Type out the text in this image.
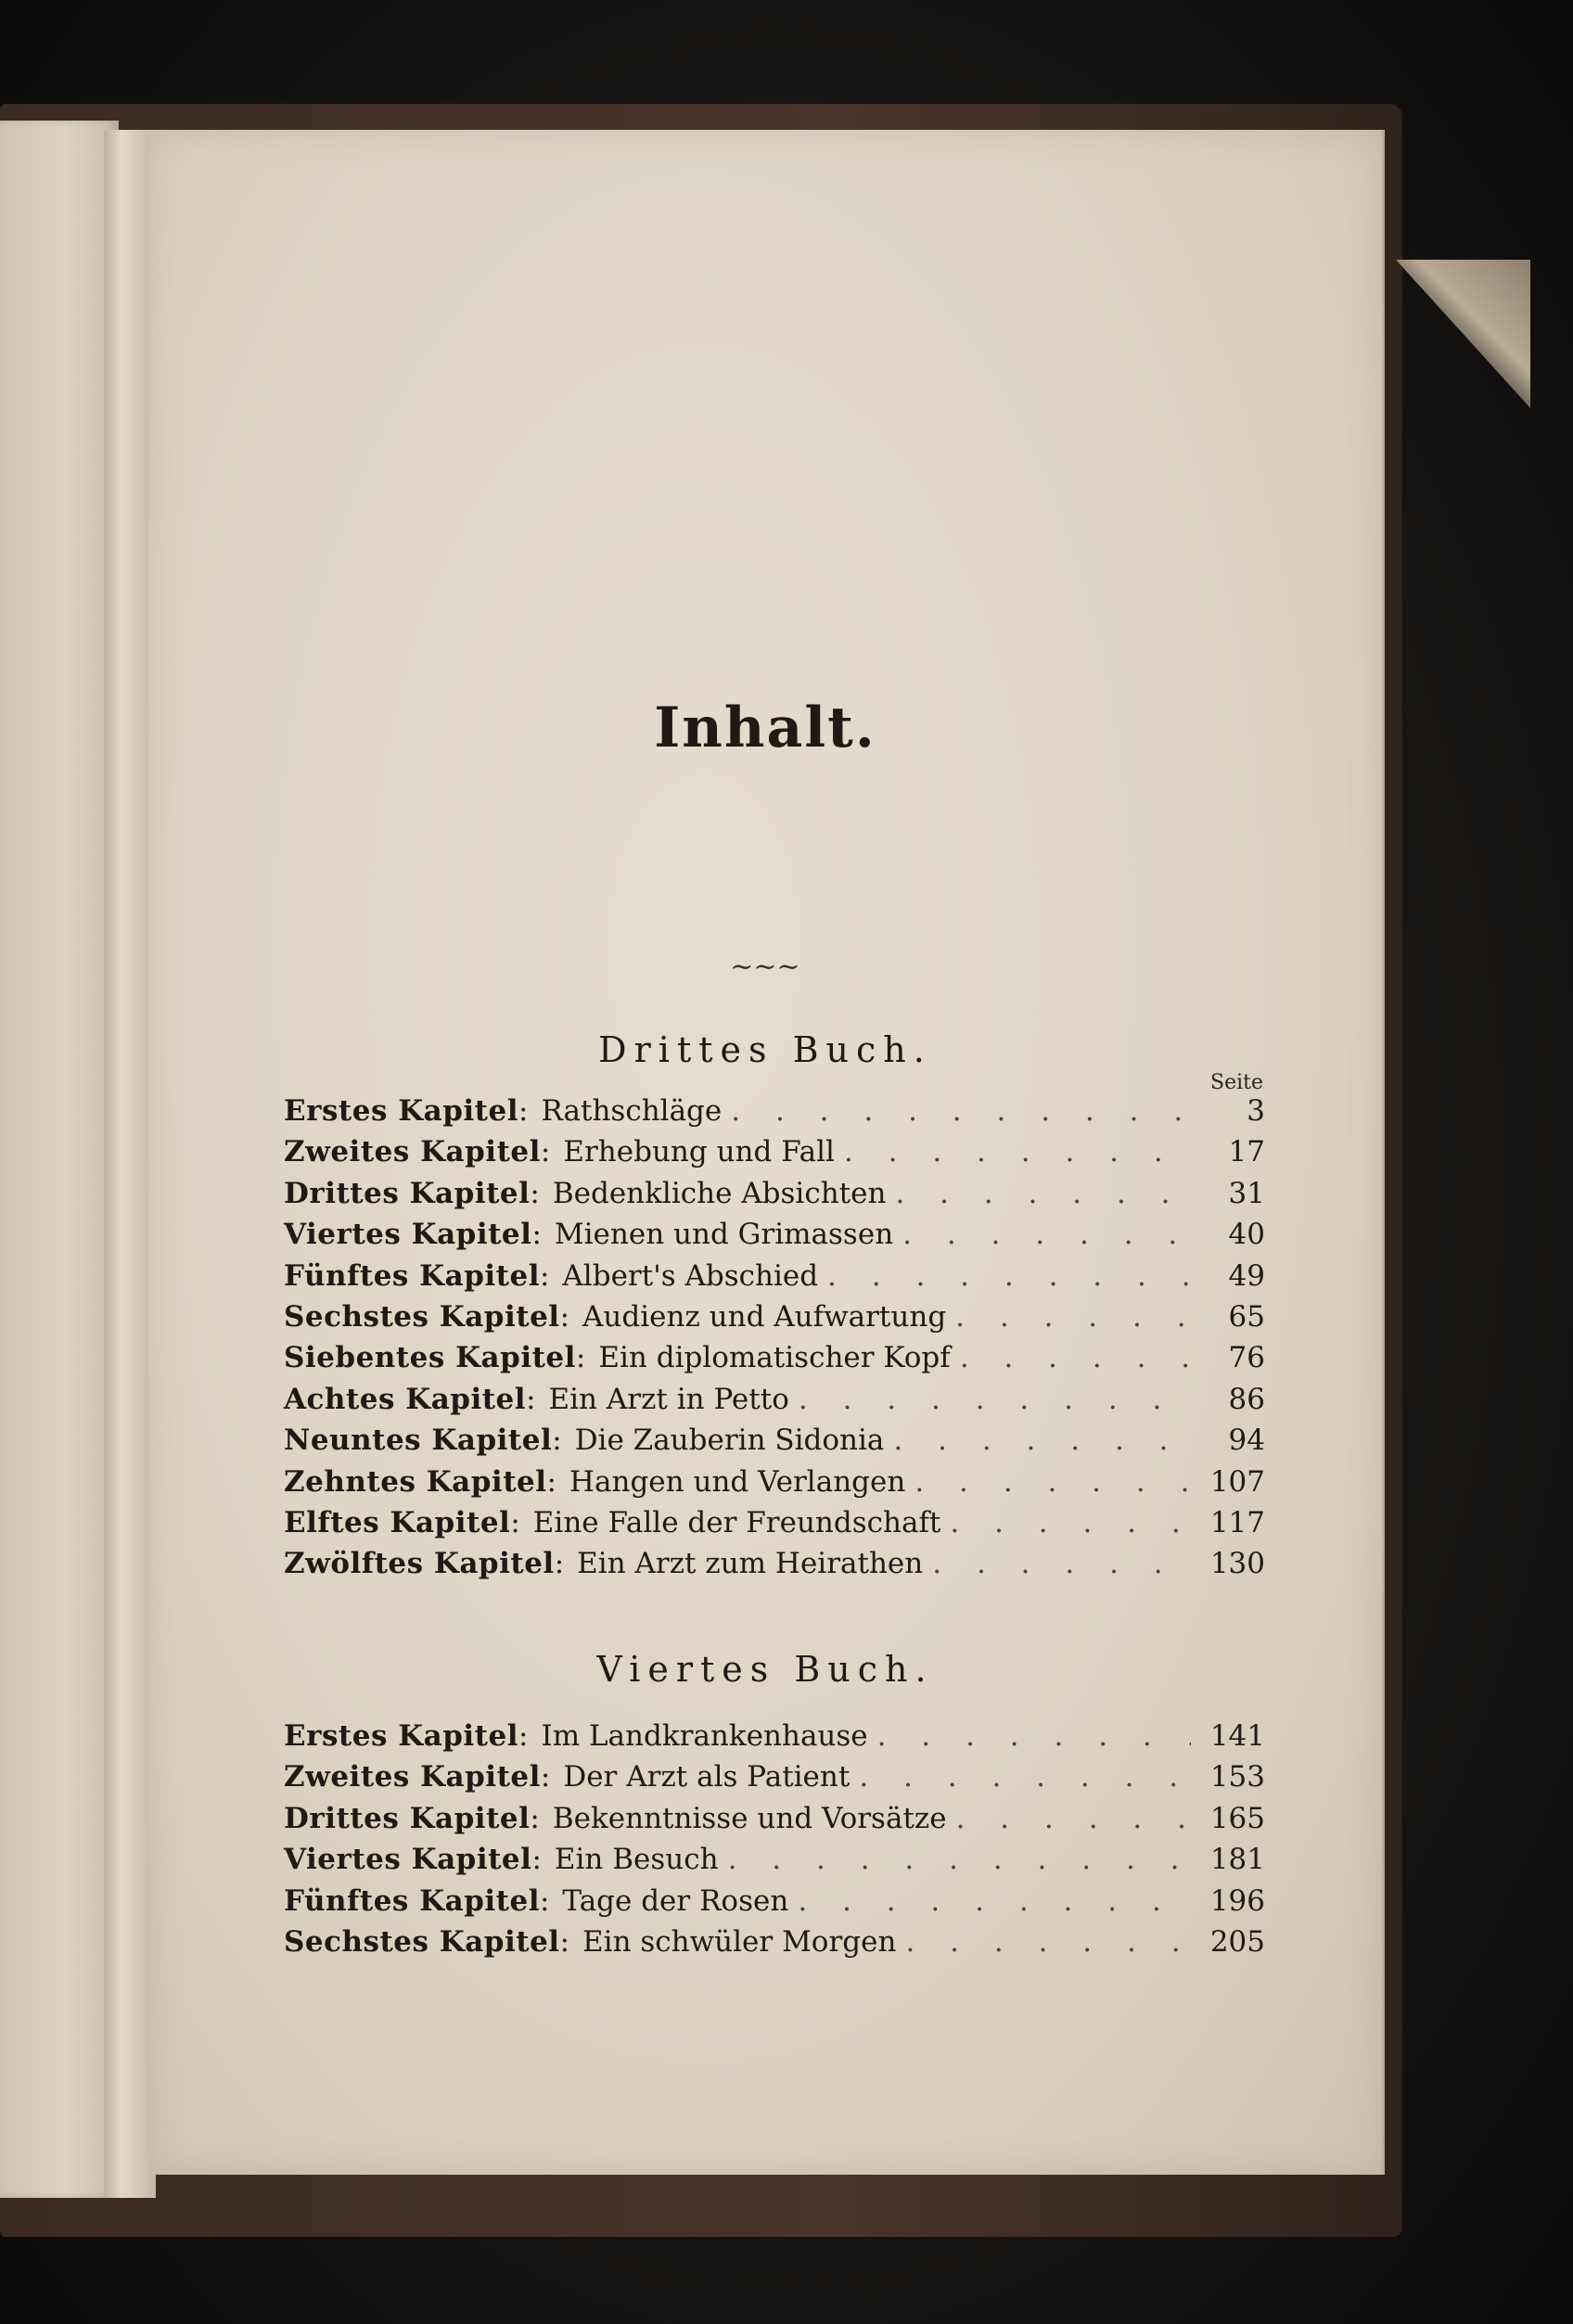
Inhalt.
~~~
Drittes Buch.
Seite
Erstes Kapitel : Rathschläge . . .	3
Zweites Kapitel : Erhebung und Fall . . .	17
Drittes Kapitel : Bedenkliche Absichten . . .	31
Viertes Kapitel : Mienen und Grimassen . . .	40
Fünftes Kapitel : Albert's Abschied . . .	49
Sechstes Kapitel : Audienz und Aufwartung . . .	65
Siebentes Kapitel : Ein diplomatischer Kopf . . .	76
Achtes Kapitel : Ein Arzt in Petto . . .	86
Neuntes Kapitel : Die Zauberin Sidonia . . .	94
Zehntes Kapitel : Hangen und Verlangen . . .	107
Elftes Kapitel : Eine Falle der Freundschaft . . .	117
Zwölftes Kapitel : Ein Arzt zum Heirathen . . .	130
Viertes Buch.
Erstes Kapitel : Im Landkrankenhause . . .	141
Zweites Kapitel : Der Arzt als Patient . . .	153
Drittes Kapitel : Bekenntnisse und Vorsätze . . .	165
Viertes Kapitel : Ein Besuch . . .	181
Fünftes Kapitel : Tage der Rosen . . .	196
Sechstes Kapitel : Ein schwüler Morgen . . .	205
